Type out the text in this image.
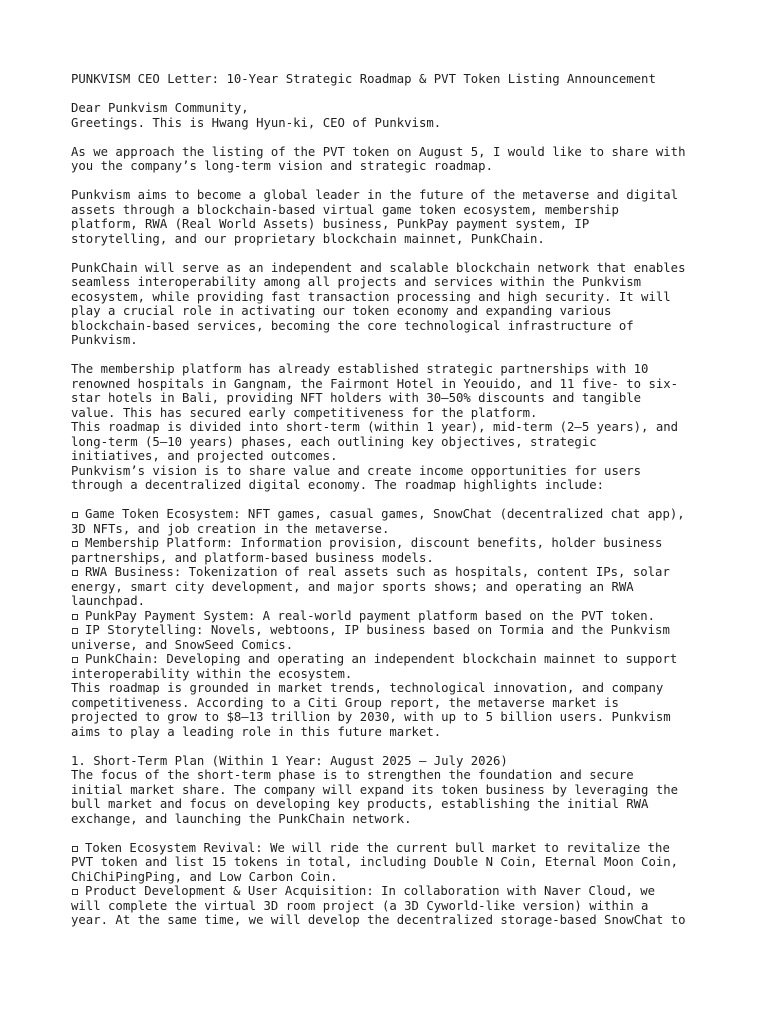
PUNKVISM CEO Letter: 10-Year Strategic Roadmap & PVT Token Listing Announcement
Dear Punkvism Community,
Greetings. This is Hwang Hyun-ki, CEO of Punkvism.
As we approach the listing of the PVT token on August 5, I would like to share with
you the company’s long-term vision and strategic roadmap.
Punkvism aims to become a global leader in the future of the metaverse and digital
assets through a blockchain-based virtual game token ecosystem, membership
platform, RWA (Real World Assets) business, PunkPay payment system, IP
storytelling, and our proprietary blockchain mainnet, PunkChain.
PunkChain will serve as an independent and scalable blockchain network that enables
seamless interoperability among all projects and services within the Punkvism
ecosystem, while providing fast transaction processing and high security. It will
play a crucial role in activating our token economy and expanding various
blockchain-based services, becoming the core technological infrastructure of
Punkvism.
The membership platform has already established strategic partnerships with 10
renowned hospitals in Gangnam, the Fairmont Hotel in Yeouido, and 11 five- to six-
star hotels in Bali, providing NFT holders with 30–50% discounts and tangible
value. This has secured early competitiveness for the platform.
This roadmap is divided into short-term (within 1 year), mid-term (2–5 years), and
long-term (5–10 years) phases, each outlining key objectives, strategic
initiatives, and projected outcomes.
Punkvism’s vision is to share value and create income opportunities for users
through a decentralized digital economy. The roadmap highlights include:
Game Token Ecosystem: NFT games, casual games, SnowChat (decentralized chat app),
3D NFTs, and job creation in the metaverse.
Membership Platform: Information provision, discount benefits, holder business
partnerships, and platform-based business models.
RWA Business: Tokenization of real assets such as hospitals, content IPs, solar
energy, smart city development, and major sports shows; and operating an RWA
launchpad.
PunkPay Payment System: A real-world payment platform based on the PVT token.
IP Storytelling: Novels, webtoons, IP business based on Tormia and the Punkvism
universe, and SnowSeed Comics.
PunkChain: Developing and operating an independent blockchain mainnet to support
interoperability within the ecosystem.
This roadmap is grounded in market trends, technological innovation, and company
competitiveness. According to a Citi Group report, the metaverse market is
projected to grow to $8–13 trillion by 2030, with up to 5 billion users. Punkvism
aims to play a leading role in this future market.
1. Short-Term Plan (Within 1 Year: August 2025 – July 2026)
The focus of the short-term phase is to strengthen the foundation and secure
initial market share. The company will expand its token business by leveraging the
bull market and focus on developing key products, establishing the initial RWA
exchange, and launching the PunkChain network.
Token Ecosystem Revival: We will ride the current bull market to revitalize the
PVT token and list 15 tokens in total, including Double N Coin, Eternal Moon Coin,
ChiChiPingPing, and Low Carbon Coin.
Product Development & User Acquisition: In collaboration with Naver Cloud, we
will complete the virtual 3D room project (a 3D Cyworld-like version) within a
year. At the same time, we will develop the decentralized storage-based SnowChat to
